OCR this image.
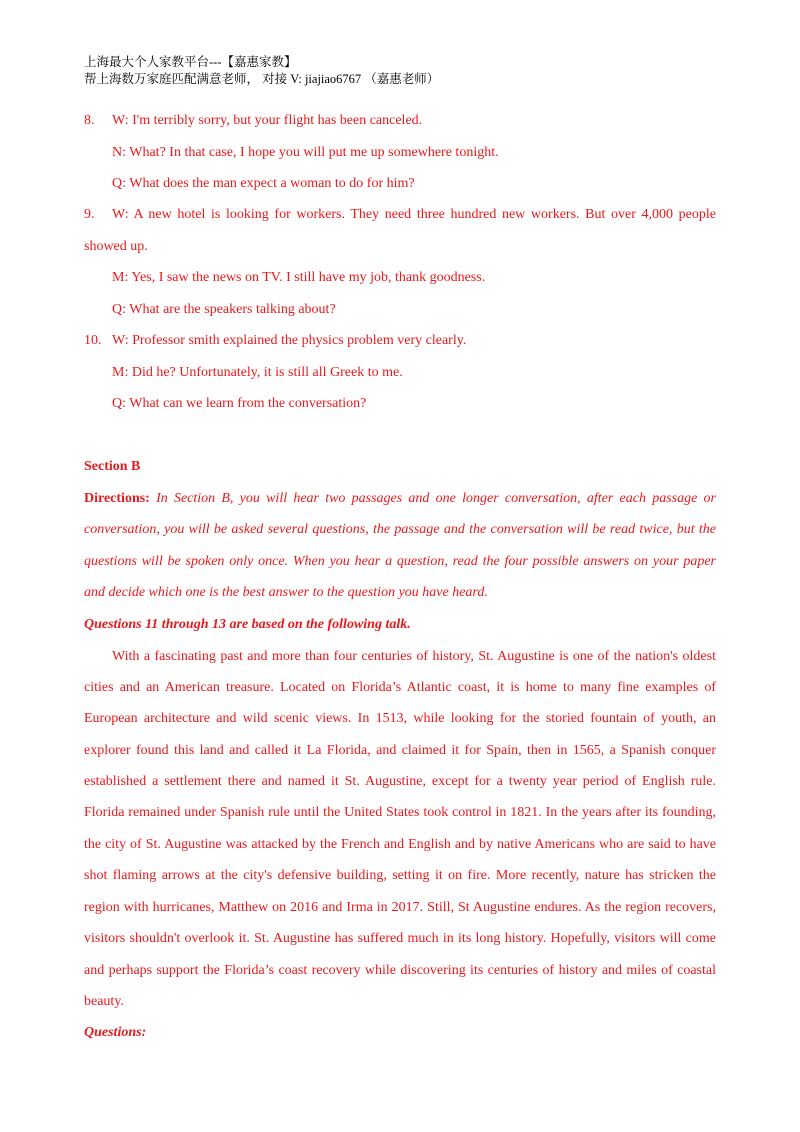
上海最大个人家教平台---【嘉惠家教】
帮上海数万家庭匹配满意老师， 对接 V: jiajiao6767 （嘉惠老师）
8. W: I'm terribly sorry, but your flight has been canceled.
N: What? In that case, I hope you will put me up somewhere tonight.
Q: What does the man expect a woman to do for him?
9. W: A new hotel is looking for workers. They need three hundred new workers. But over 4,000 people
showed up.
M: Yes, I saw the news on TV. I still have my job, thank goodness.
Q: What are the speakers talking about?
10. W: Professor smith explained the physics problem very clearly.
M: Did he? Unfortunately, it is still all Greek to me.
Q: What can we learn from the conversation?
Section B
Directions: In Section B, you will hear two passages and one longer conversation, after each passage or
conversation, you will be asked several questions, the passage and the conversation will be read twice, but the
questions will be spoken only once. When you hear a question, read the four possible answers on your paper
and decide which one is the best answer to the question you have heard.
Questions 11 through 13 are based on the following talk.
With a fascinating past and more than four centuries of history, St. Augustine is one of the nation's oldest
cities and an American treasure. Located on Florida’s Atlantic coast, it is home to many fine examples of
European architecture and wild scenic views. In 1513, while looking for the storied fountain of youth, an
explorer found this land and called it La Florida, and claimed it for Spain, then in 1565, a Spanish conquer
established a settlement there and named it St. Augustine, except for a twenty year period of English rule.
Florida remained under Spanish rule until the United States took control in 1821. In the years after its founding,
the city of St. Augustine was attacked by the French and English and by native Americans who are said to have
shot flaming arrows at the city's defensive building, setting it on fire. More recently, nature has stricken the
region with hurricanes, Matthew on 2016 and Irma in 2017. Still, St Augustine endures. As the region recovers,
visitors shouldn't overlook it. St. Augustine has suffered much in its long history. Hopefully, visitors will come
and perhaps support the Florida’s coast recovery while discovering its centuries of history and miles of coastal
beauty.
Questions:
